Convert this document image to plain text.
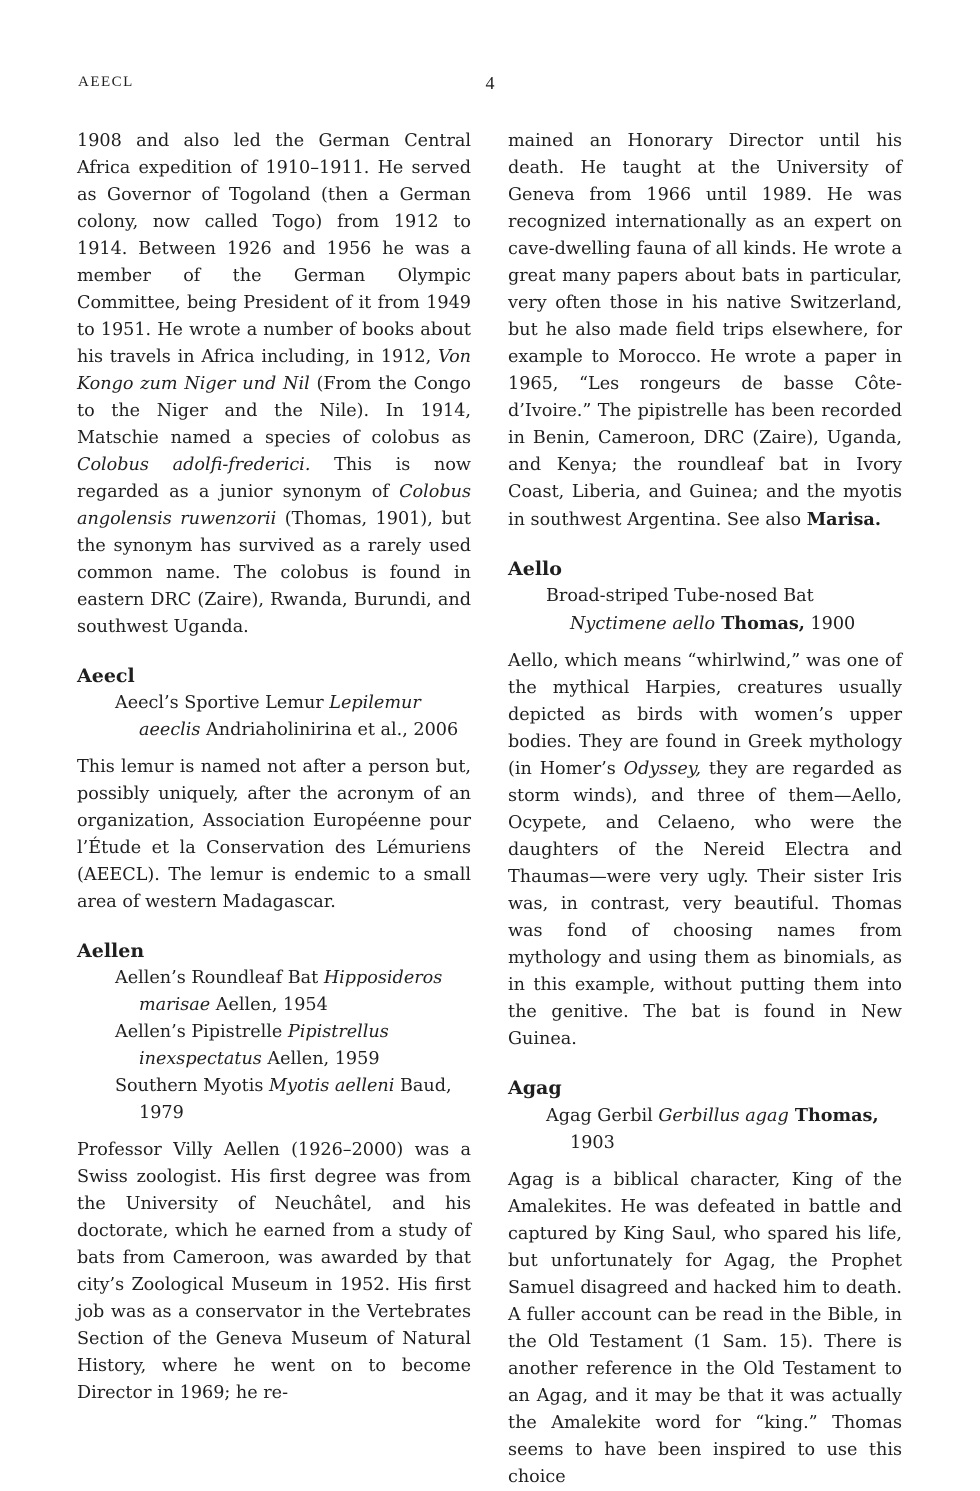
AEECL	4

1908 and also led the German Central Africa expedition of 1910–1911. He served as Governor of Togoland (then a German colony, now called Togo) from 1912 to 1914. Between 1926 and 1956 he was a member of the German Olympic Committee, being President of it from 1949 to 1951. He wrote a number of books about his travels in Africa including, in 1912, Von Kongo zum Niger und Nil (From the Congo to the Niger and the Nile). In 1914, Matschie named a species of colobus as Colobus adolfi-frederici. This is now regarded as a junior synonym of Colobus angolensis ruwenzorii (Thomas, 1901), but the synonym has survived as a rarely used common name. The colobus is found in eastern DRC (Zaire), Rwanda, Burundi, and southwest Uganda.

Aeecl
Aeecl’s Sportive Lemur Lepilemur aeeclis Andriaholinirina et al., 2006

This lemur is named not after a person but, possibly uniquely, after the acronym of an organization, Association Européenne pour l’Étude et la Conservation des Lémuriens (AEECL). The lemur is endemic to a small area of western Madagascar.

Aellen
Aellen’s Roundleaf Bat Hipposideros marisae Aellen, 1954
Aellen’s Pipistrelle Pipistrellus inexspectatus Aellen, 1959
Southern Myotis Myotis aelleni Baud, 1979

Professor Villy Aellen (1926–2000) was a Swiss zoologist. His first degree was from the University of Neuchâtel, and his doctorate, which he earned from a study of bats from Cameroon, was awarded by that city’s Zoological Museum in 1952. His first job was as a conservator in the Vertebrates Section of the Geneva Museum of Natural History, where he went on to become Director in 1969; he re-

mained an Honorary Director until his death. He taught at the University of Geneva from 1966 until 1989. He was recognized internationally as an expert on cave-dwelling fauna of all kinds. He wrote a great many papers about bats in particular, very often those in his native Switzerland, but he also made field trips elsewhere, for example to Morocco. He wrote a paper in 1965, “Les rongeurs de basse Côte-d’Ivoire.” The pipistrelle has been recorded in Benin, Cameroon, DRC (Zaire), Uganda, and Kenya; the roundleaf bat in Ivory Coast, Liberia, and Guinea; and the myotis in southwest Argentina. See also Marisa.

Aello
Broad-striped Tube-nosed Bat Nyctimene aello Thomas, 1900

Aello, which means “whirlwind,” was one of the mythical Harpies, creatures usually depicted as birds with women’s upper bodies. They are found in Greek mythology (in Homer’s Odyssey, they are regarded as storm winds), and three of them—Aello, Ocypete, and Celaeno, who were the daughters of the Nereid Electra and Thaumas—were very ugly. Their sister Iris was, in contrast, very beautiful. Thomas was fond of choosing names from mythology and using them as binomials, as in this example, without putting them into the genitive. The bat is found in New Guinea.

Agag
Agag Gerbil Gerbillus agag Thomas, 1903

Agag is a biblical character, King of the Amalekites. He was defeated in battle and captured by King Saul, who spared his life, but unfortunately for Agag, the Prophet Samuel disagreed and hacked him to death. A fuller account can be read in the Bible, in the Old Testament (1 Sam. 15). There is another reference in the Old Testament to an Agag, and it may be that it was actually the Amalekite word for “king.” Thomas seems to have been inspired to use this choice
